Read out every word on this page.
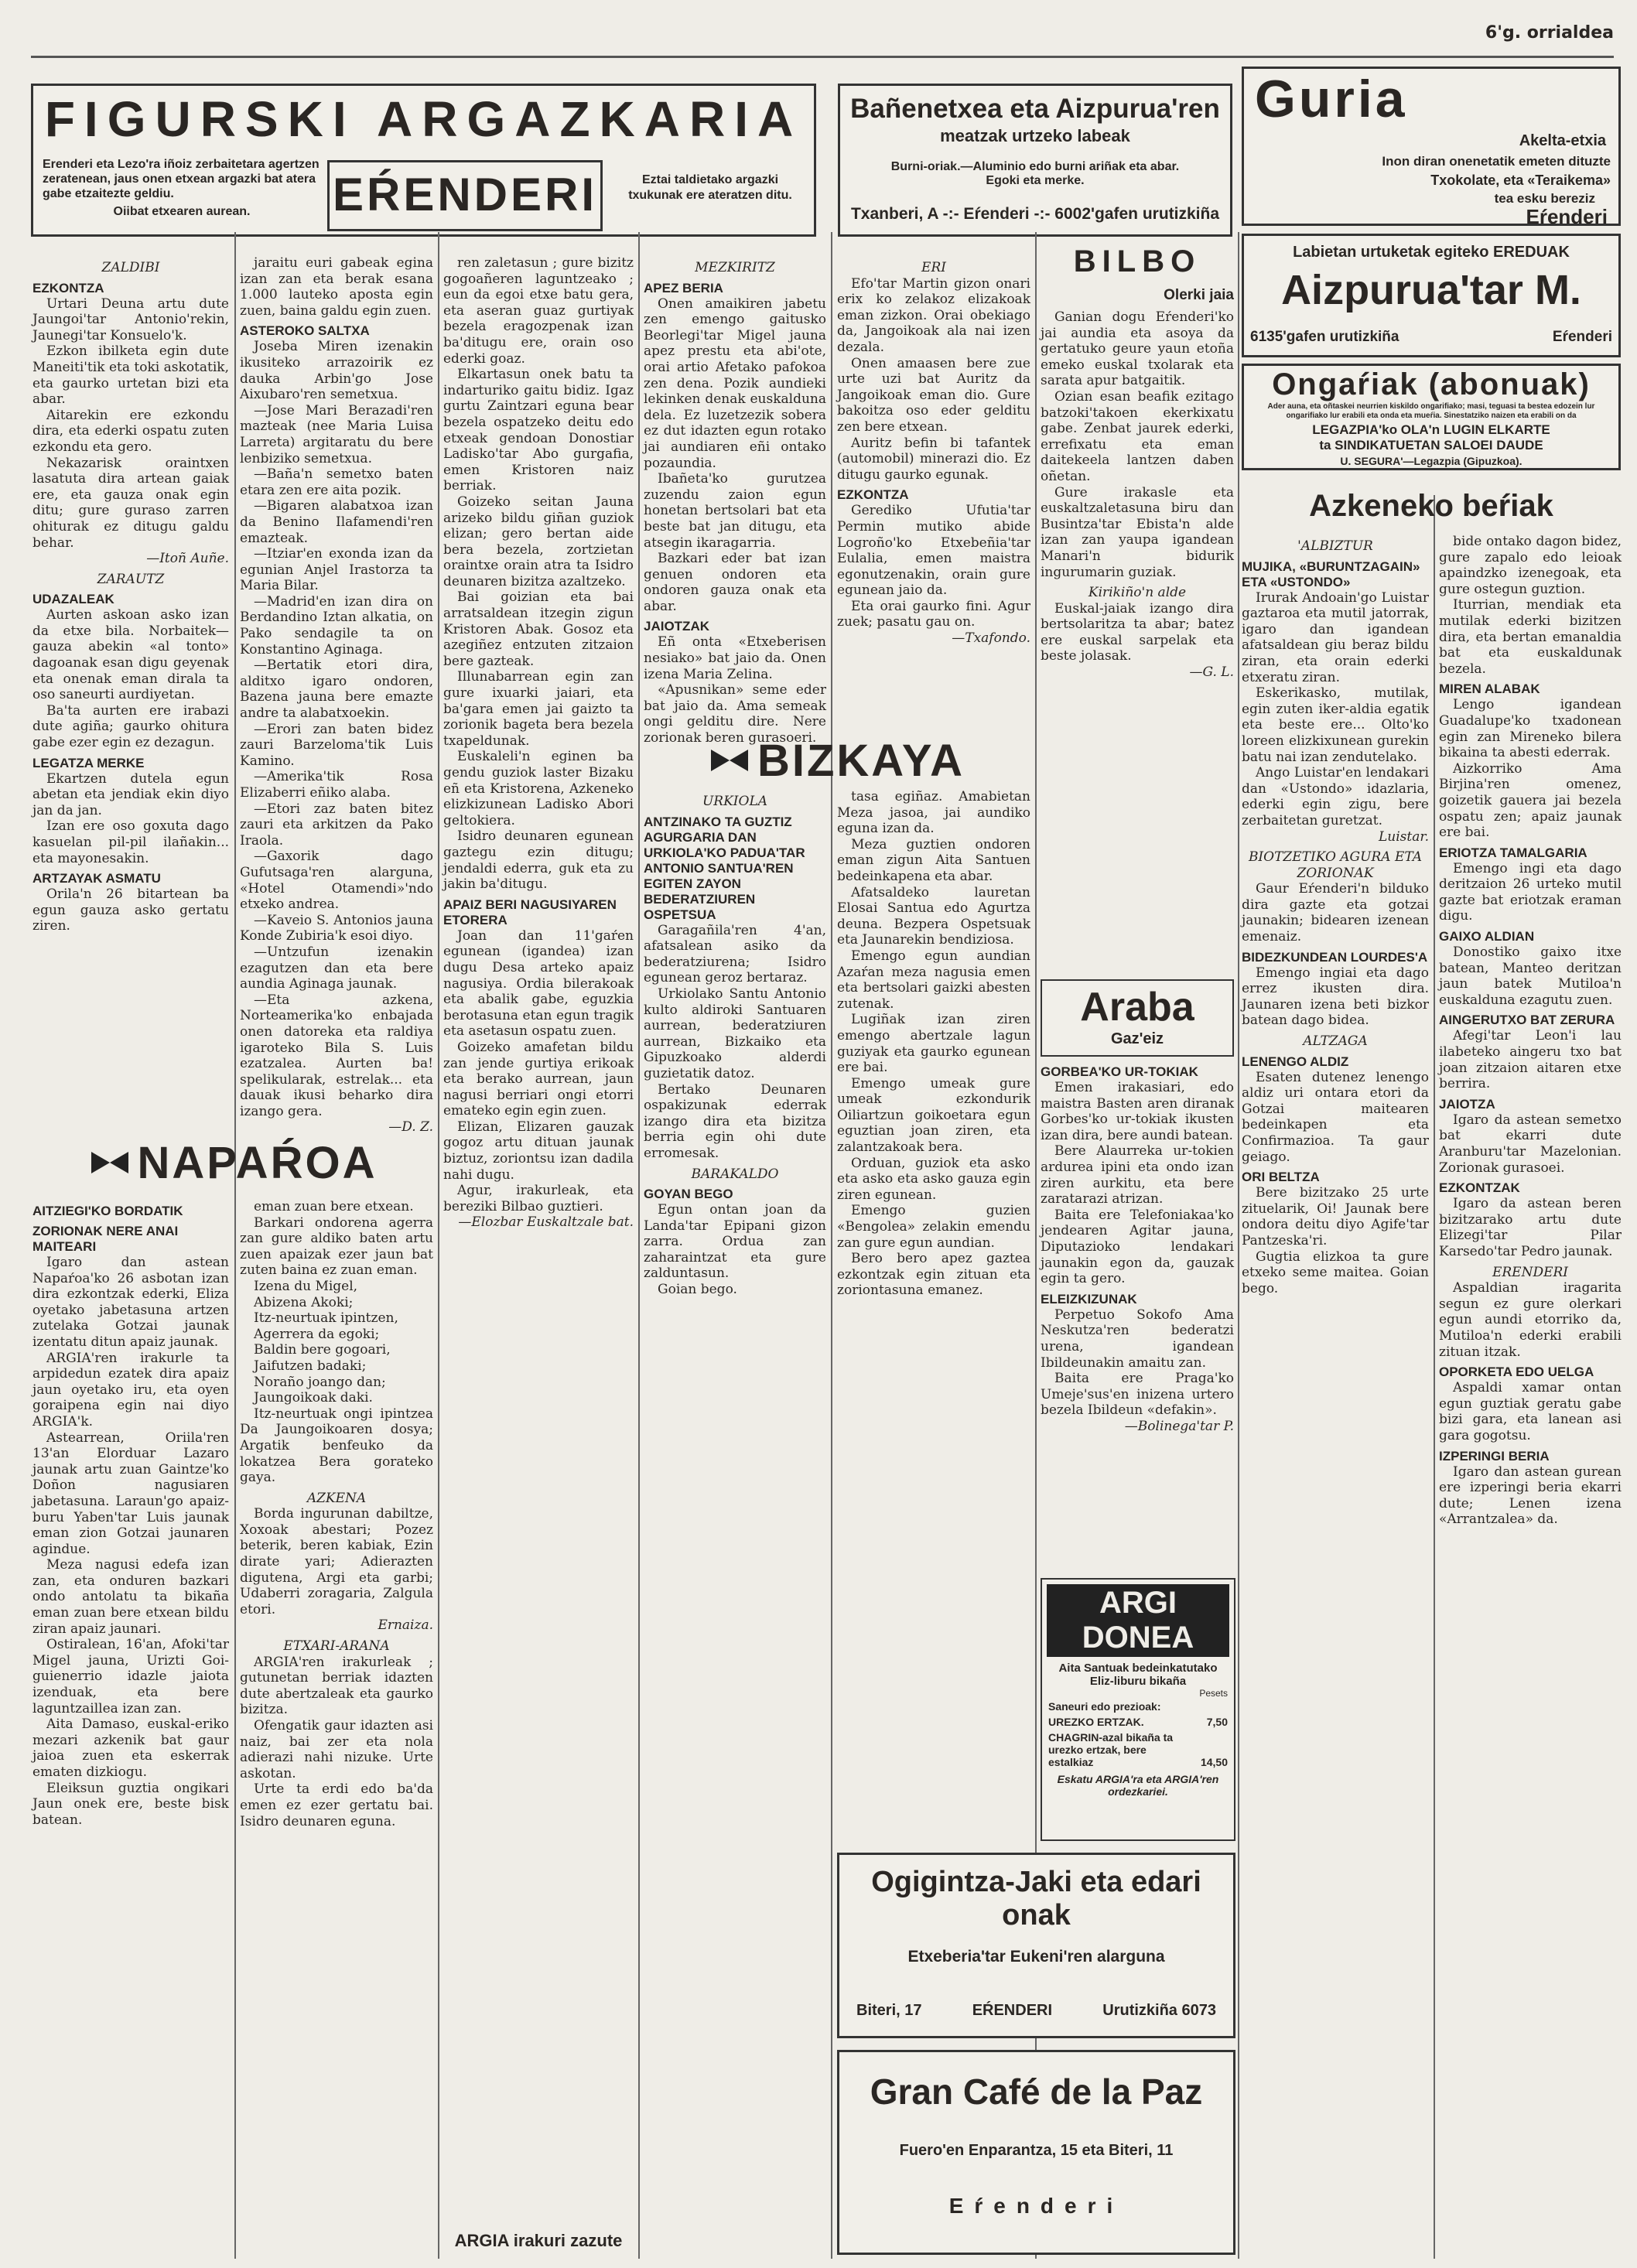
6'g. orrialdea
FIGURSKI ARGAZKARIA
Erenderi eta Lezo'ra iñoiz zerbaitetara agertzen zeratenean, jaus onen etxean argazki bat atera gabe etzaitezte geldiu.

Oiibat etxearen aurean.	EŔENDERI	Eztai taldietako argazki txukunak ere ateratzen ditu.
Bañenetxea eta Aizpurua'ren
meatzak urtzeko labeak
Burni-oriak.—Aluminio edo burni ariñak eta abar.
Egoki eta merke.
Txanberi, A -:- Eŕenderi -:- 6002'gafen urutizkiña
Guria
Akelta-etxia
Inon diran onenetatik emeten dituzte
Txokolate, eta «Teraikema»
tea esku bereziz
Eŕenderi
Labietan urtuketak egiteko EREDUAK
Aizpurua'tar M.
6135'gafen urutizkiña	Eŕenderi
Ongaŕiak (abonuak)
Ader auna, eta oñtaskei neurrien kiskildo ongarifiako; masi, teguasi ta bestea edozein lur ongarifiako lur erabili eta onda eta mueŕia. Sinestatziko naizen eta erabili on da
LEGAZPIA'ko OLA'n LUGIN ELKARTE
ta SINDIKATUETAN SALOEI DAUDE
U. SEGURA'—Legazpia (Gipuzkoa).

ZALDIBI

EZKONTZA

Urtari Deuna artu dute Jaungoi'tar Antonio'rekin, Jaunegi'tar Konsuelo'k.

Ezkon ibilketa egin dute Maneiti'tik eta toki askotatik, eta gaurko urtetan bizi eta abar.

Aitarekin ere ezkondu dira, eta ederki ospatu zuten ezkondu eta gero.

Nekazarisk oraintxen lasatuta dira artean gaiak ere, eta gauza onak egin ditu; gure guraso zarren ohiturak ez ditugu galdu behar.

—Itoñ Auñe.

ZARAUTZ

UDAZALEAK

Aurten askoan asko izan da etxe bila. Norbaitek—gauza abekin «al tonto» dagoanak esan digu geyenak eta onenak eman dirala ta oso saneurti aurdiyetan.

Ba'ta aurten ere irabazi dute agiña; gaurko ohitura gabe ezer egin ez dezagun.

LEGATZA MERKE

Ekartzen dutela egun abetan eta jendiak ekin diyo jan da jan.

Izan ere oso goxuta dago kasuelan pil-pil ilañakin... eta mayonesakin.

ARTZAYAK ASMATU

Orila'n 26 bitartean ba egun gauza asko gertatu ziren.

NAPAŔOA

AITZIEGI'KO BORDATIK

ZORIONAK NERE ANAI MAITEARI

Igaro dan astean Napaŕoa'ko 26 asbotan izan dira ezkontzak ederki, Eliza oyetako jabetasuna artzen zutelaka Gotzai jaunak izentatu ditun apaiz jaunak.

ARGIA'ren irakurle ta arpidedun ezatek dira apaiz jaun oyetako iru, eta oyen goraipena egin nai diyo ARGIA'k.

Astearrean, Oriila'ren 13'an Elorduar Lazaro jaunak artu zuan Gaintze'ko Doñon nagusiaren jabetasuna. Laraun'go apaiz-buru Yaben'tar Luis jaunak eman zion Gotzai jaunaren agindue.

Meza nagusi edefa izan zan, eta onduren bazkari ondo antolatu ta bikaña eman zuan bere etxean bildu ziran apaiz jaunari.

Ostiralean, 16'an, Afoki'tar Migel jauna, Urizti Goi-guienerrio idazle jaiota izenduak, eta bere laguntzaillea izan zan.

Aita Damaso, euskal-eriko mezari azkenik bat gaur jaioa zuen eta eskerrak ematen dizkiogu.

Eleiksun guztia ongikari Jaun onek ere, beste bisk batean.

jaraitu euri gabeak egina izan zan eta berak esana 1.000 lauteko aposta egin zuen, baina galdu egin zuen.

ASTEROKO SALTXA

Joseba Miren izenakin ikusiteko arrazoirik ez dauka Arbin'go Jose Aixubaro'ren semetxua.

—Jose Mari Berazadi'ren mazteak (nee Maria Luisa Larreta) argitaratu du bere lenbiziko semetxua.

—Baña'n semetxo baten etara zen ere aita pozik.

—Bigaren alabatxoa izan da Benino Ilafamendi'ren emazteak.

—Itziar'en exonda izan da egunian Anjel Irastorza ta Maria Bilar.

—Madrid'en izan dira on Berdandino Iztan alkatia, on Pako sendagile ta on Konstantino Aginaga.

—Bertatik etori dira, alditxo igaro ondoren, Bazena jauna bere emazte andre ta alabatxoekin.

—Erori zan baten bidez zauri Barzeloma'tik Luis Kamino.

—Amerika'tik Rosa Elizaberri eñiko alaba.

—Etori zaz baten bitez zauri eta arkitzen da Pako Iraola.

—Gaxorik dago Gufutsaga'ren alarguna, «Hotel Otamendi»'ndo etxeko andrea.

—Kaveio S. Antonios jauna Konde Zubiria'k esoi diyo.

—Untzufun izenakin ezagutzen dan eta bere aundia Aginaga jaunak.

—Eta azkena, Norteamerika'ko enbajada onen datoreka eta raldiya igaroteko Bila S. Luis ezatzalea. Aurten ba! spelikularak, estrelak... eta dauak ikusi beharko dira izango gera.

—D. Z.

eman zuan bere etxean.

Barkari ondorena agerra zan gure aldiko baten artu zuen apaizak ezer jaun bat zuten baina ez zuan eman.

Izena du Migel,

Abizena Akoki;

Itz-neurtuak ipintzen,

Agerrera da egoki;

Baldin bere gogoari,

Jaifutzen badaki;

Noraño joango dan;

Jaungoikoak daki.

Itz-neurtuak ongi ipintzea Da Jaungoikoaren dosya; Argatik benfeuko da lokatzea Bera gorateko gaya.

AZKENA

Borda ingurunan dabiltze, Xoxoak abestari; Pozez beterik, beren kabiak, Ezin dirate yari; Adierazten digutena, Argi eta garbi; Udaberri zoragaria, Zalgula etori.

Ernaiza.

ETXARI-ARANA

ARGIA'ren irakurleak ; gutunetan berriak idazten dute abertzaleak eta gaurko bizitza.

Ofengatik gaur idazten asi naiz, bai zer eta nola adierazi nahi nizuke. Urte askotan.

Urte ta erdi edo ba'da emen ez ezer gertatu bai. Isidro deunaren eguna.

ren zaletasun ; gure bizitz gogoañeren laguntzeako ; eun da egoi etxe batu gera, eta aseran guaz gurtiyak bezela eragozpenak izan ba'ditugu ere, orain oso ederki goaz.

Elkartasun onek batu ta indarturiko gaitu bidiz. Igaz gurtu Zaintzari eguna bear bezela ospatzeko deitu edo etxeak gendoan Donostiar Ladisko'tar Abo gurgafia, emen Kristoren naiz berriak.

Goizeko seitan Jauna arizeko bildu giñan guziok elizan; gero bertan aide bera bezela, zortzietan oraintxe orain atra ta Isidro deunaren bizitza azaltzeko.

Bai goizian eta bai arratsaldean itzegin zigun Kristoren Abak. Gosoz eta azegiñez entzuten zitzaion bere gazteak.

Illunabarrean egin zan gure ixuarki jaiari, eta ba'gara emen jai gaizto ta zorionik bageta bera bezela txapeldunak.

Euskaleli'n eginen ba gendu guziok laster Bizaku eñ eta Kristorena, Azkeneko elizkizunean Ladisko Abori geltokiera.

Isidro deunaren egunean gaztegu ezin ditugu; jendaldi ederra, guk eta zu jakin ba'ditugu.

APAIZ BERI NAGUSIYAREN ETORERA

Joan dan 11'gaŕen egunean (igandea) izan dugu Desa arteko apaiz nagusiya. Ordia bilerakoak eta abalik gabe, eguzkia berotasuna etan egun tragik eta asetasun ospatu zuen.

Goizeko amafetan bildu zan jende gurtiya erikoak eta berako aurrean, jaun nagusi berriari ongi etorri emateko egin egin zuen.

Elizan, Elizaren gauzak gogoz artu dituan jaunak biztuz, zoriontsu izan dadila nahi dugu.

Agur, irakurleak, eta bereziki Bilbao guztieri.

—Elozbar Euskaltzale bat.

ARGIA irakuri zazute

MEZKIRITZ

APEZ BERIA

Onen amaikiren jabetu zen emengo gaitusko Beorlegi'tar Migel jauna apez prestu eta abi'ote, orai artio Afetako pafokoa zen dena. Pozik aundieki lekinken denak euskalduna dela. Ez luzetzezik sobera ez dut idazten egun rotako jai aundiaren eñi ontako pozaundia.

Ibañeta'ko gurutzea zuzendu zaion egun honetan bertsolari bat eta beste bat jan ditugu, eta atsegin ikaragarria.

Bazkari eder bat izan genuen ondoren eta ondoren gauza onak eta abar.

JAIOTZAK

Eñ onta «Etxeberisen nesiako» bat jaio da. Onen izena Maria Zelina.

«Apusnikan» seme eder bat jaio da. Ama semeak ongi gelditu dire. Nere zorionak beren gurasoeri.

BIZKAYA

URKIOLA

ANTZINAKO TA GUZTIZ AGURGARIA DAN URKIOLA'KO PADUA'TAR ANTONIO SANTUA'REN EGITEN ZAYON BEDERATZIUREN OSPETSUA

Garagañila'ren 4'an, afatsalean asiko da bederatziurena; Isidro egunean geroz bertaraz.

Urkiolako Santu Antonio kulto aldiroki Santuaren aurrean, bederatziuren aurrean, Bizkaiko eta Gipuzkoako alderdi guzietatik datoz.

Bertako Deunaren ospakizunak ederrak izango dira eta bizitza berria egin ohi dute erromesak.

BARAKALDO

GOYAN BEGO

Egun ontan joan da Landa'tar Epipani gizon zarra. Ordua zan zaharaintzat eta gure zalduntasun.

Goian bego.

ERI

Efo'tar Martin gizon onari erix ko zelakoz elizakoak eman zizkon. Orai obekiago da, Jangoikoak ala nai izen dezala.

Onen amaasen bere zue urte uzi bat Auritz da Jangoikoak eman dio. Gure bakoitza oso eder gelditu zen bere etxean.

Auritz befin bi tafantek (automobil) minerazi dio. Ez ditugu gaurko egunak.

EZKONTZA

Gerediko Ufutia'tar Permin mutiko abide Logroño'ko Etxebeñia'tar Eulalia, emen maistra egonutzenakin, orain gure egunean jaio da.

Eta orai gaurko fini. Agur zuek; pasatu gau on.

—Txafondo.

tasa egiñaz. Amabietan Meza jasoa, jai aundiko eguna izan da.

Meza guztien ondoren eman zigun Aita Santuen bedeinkapena eta abar.

Afatsaldeko lauretan Elosai Santua edo Agurtza deuna. Bezpera Ospetsuak eta Jaunarekin bendiziosa.

Emengo egun aundian Azaŕan meza nagusia emen eta bertsolari gaizki abesten zutenak.

Lugiñak izan ziren emengo abertzale lagun guziyak eta gaurko egunean ere bai.

Emengo umeak gure umeak ezkondurik Oiliartzun goikoetara egun eguztian joan ziren, eta zalantzakoak bera.

Orduan, guziok eta asko eta asko eta asko gauza egin ziren egunean.

Emengo guzien «Bengolea» zelakin emendu zan gure egun aundian.

Bero bero apez gaztea ezkontzak egin zituan eta zoriontasuna emanez.

Ogigintza-Jaki eta edari onak
Etxeberia'tar Eukeni'ren alarguna
Biteri, 17	EŔENDERI	Urutizkiña 6073
Gran Café de la Paz
Fuero'en Enparantza, 15 eta Biteri, 11
Eŕenderi
BILBO
Olerki jaia

Ganian dogu Eŕenderi'ko jai aundia eta asoya da gertatuko geure yaun etoña emeko euskal txolarak eta sarata apur batgaitik.

Ozian esan beafik ezitago batzoki'takoen ekerkixatu gabe. Zenbat jaurek ederki, errefixatu eta eman daitekeela lantzen daben oñetan.

Gure irakasle eta euskaltzaletasuna biru dan Busintza'tar Ebista'n alde izan zan yaupa igandean Manari'n bidurik ingurumarin guziak.

Kirikiño'n alde

Euskal-jaiak izango dira bertsolaritza ta abar; batez ere euskal sarpelak eta beste jolasak.

—G. L.

Araba
Gaz'eiz

GORBEA'KO UR-TOKIAK

Emen irakasiari, edo maistra Basten aren diranak Gorbes'ko ur-tokiak ikusten izan dira, bere aundi batean.

Bere Alaurreka ur-tokien ardurea ipini eta ondo izan ziren aurkitu, eta bere zaratarazi atrizan.

Baita ere Telefoniakaa'ko jendearen Agitar jauna, Diputazioko lendakari jaunakin egon da, gauzak egin ta gero.

ELEIZKIZUNAK

Perpetuo Sokofo Ama Neskutza'ren bederatzi urena, igandean Ibildeunakin amaitu zan.

Baita ere Praga'ko Umeje'sus'en inizena urtero bezela Ibildeun «defakin».

—Bolinega'tar P.

ARGI DONEA
Aita Santuak bedeinkatutako Eliz-liburu bikaña
Pesets
Saneuri edo prezioak:
UREZKO ERTZAK.	7,50
CHAGRIN-azal bikaña ta urezko ertzak, bere estalkiaz	14,50
Eskatu ARGIA'ra eta ARGIA'ren ordezkariei.
Azkeneko beŕiak

'ALBIZTUR

MUJIKA, «BURUNTZAGAIN» ETA «USTONDO»

Irurak Andoain'go Luistar gaztaroa eta mutil jatorrak, igaro dan igandean afatsaldean giu beraz bildu ziran, eta orain ederki etxeratu ziran.

Eskerikasko, mutilak, egin zuten iker-aldia egatik eta beste ere... Olto'ko loreen elizkixunean gurekin batu nai izan zendutelako.

Ango Luistar'en lendakari dan «Ustondo» idazlaria, ederki egin zigu, bere zerbaitetan guretzat.

Luistar.

BIOTZETIKO AGURA ETA ZORIONAK

Gaur Eŕenderi'n bilduko dira gazte eta gotzai jaunakin; bidearen izenean emenaiz.

BIDEZKUNDEAN LOURDES'A

Emengo ingiai eta dago errez ikusten dira. Jaunaren izena beti bizkor batean dago bidea.

ALTZAGA

LENENGO ALDIZ

Esaten dutenez lenengo aldiz uri ontara etori da Gotzai maitearen bedeinkapen eta Confirmazioa. Ta gaur geiago.

ORI BELTZA

Bere bizitzako 25 urte zituelarik, Oi! Jaunak bere ondora deitu diyo Agife'tar Pantzeska'ri.

Gugtia elizkoa ta gure etxeko seme maitea. Goian bego.

bide ontako dagon bidez, gure zapalo edo leioak apaindzko izenegoak, eta gure ostegun guztion.

Iturrian, mendiak eta mutilak ederki bizitzen dira, eta bertan emanaldia bat eta euskaldunak bezela.

MIREN ALABAK

Lengo igandean Guadalupe'ko txadonean egin zan Mireneko bilera bikaina ta abesti ederrak.

Aizkorriko Ama Birjina'ren omenez, goizetik gauera jai bezela ospatu zen; apaiz jaunak ere bai.

ERIOTZA TAMALGARIA

Emengo ingi eta dago deritzaion 26 urteko mutil gazte bat eriotzak eraman digu.

GAIXO ALDIAN

Donostiko gaixo itxe batean, Manteo deritzan jaun batek Mutiloa'n euskalduna ezagutu zuen.

AINGERUTXO BAT ZERURA

Afegi'tar Leon'i lau ilabeteko aingeru txo bat joan zitzaion aitaren etxe berrira.

JAIOTZA

Igaro da astean semetxo bat ekarri dute Aranburu'tar Mazelonian. Zorionak gurasoei.

EZKONTZAK

Igaro da astean beren bizitzarako artu dute Elizegi'tar Pilar Karsedo'tar Pedro jaunak.

ERENDERI

Aspaldian iragarita segun ez gure olerkari egun aundi etorriko da, Mutiloa'n ederki erabili zituan itzak.

OPORKETA EDO UELGA

Aspaldi xamar ontan egun guztiak geratu gabe bizi gara, eta lanean asi gara gogotsu.

IZPERINGI BERIA

Igaro dan astean gurean ere izperingi beria ekarri dute; Lenen izena «Arrantzalea» da.
